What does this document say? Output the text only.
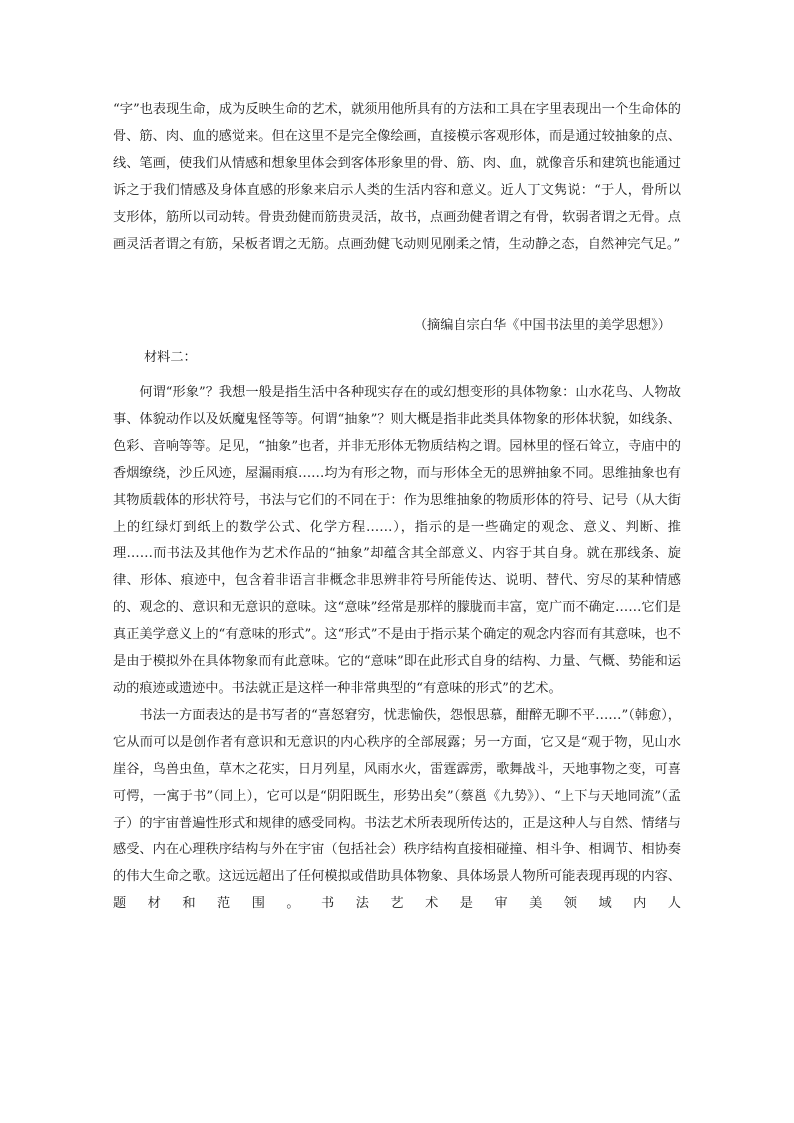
“字”也表现生命，成为反映生命的艺术，就须用他所具有的方法和工具在字里表现出一个生命体的骨、筋、肉、血的感觉来。但在这里不是完全像绘画，直接模示客观形体，而是通过较抽象的点、线、笔画，使我们从情感和想象里体会到客体形象里的骨、筋、肉、血，就像音乐和建筑也能通过诉之于我们情感及身体直感的形象来启示人类的生活内容和意义。近人丁文隽说：“于人，骨所以支形体，筋所以司动转。骨贵劲健而筋贵灵活，故书，点画劲健者谓之有骨，软弱者谓之无骨。点画灵活者谓之有筋，呆板者谓之无筋。点画劲健飞动则见刚柔之情，生动静之态，自然神完气足。”

（摘编自宗白华《中国书法里的美学思想》）
材料二：

何谓“形象”？我想一般是指生活中各种现实存在的或幻想变形的具体物象：山水花鸟、人物故事、体貌动作以及妖魔鬼怪等等。何谓“抽象”？则大概是指非此类具体物象的形体状貌，如线条、色彩、音响等等。足见，“抽象”也者，并非无形体无物质结构之谓。园林里的怪石耸立，寺庙中的香烟缭绕，沙丘风迹，屋漏雨痕……均为有形之物，而与形体全无的思辨抽象不同。思维抽象也有其物质载体的形状符号，书法与它们的不同在于：作为思维抽象的物质形体的符号、记号（从大街上的红绿灯到纸上的数学公式、化学方程……），指示的是一些确定的观念、意义、判断、推理……而书法及其他作为艺术作品的“抽象”却蕴含其全部意义、内容于其自身。就在那线条、旋律、形体、痕迹中，包含着非语言非概念非思辨非符号所能传达、说明、替代、穷尽的某种情感的、观念的、意识和无意识的意味。这“意味”经常是那样的朦胧而丰富，宽广而不确定……它们是真正美学意义上的“有意味的形式”。这“形式”不是由于指示某个确定的观念内容而有其意味，也不是由于模拟外在具体物象而有此意味。它的“意味”即在此形式自身的结构、力量、气概、势能和运动的痕迹或遗迹中。书法就正是这样一种非常典型的“有意味的形式”的艺术。

书法一方面表达的是书写者的“喜怒窘穷，忧悲愉佚，怨恨思慕，酣醉无聊不平……”（韩愈），它从而可以是创作者有意识和无意识的内心秩序的全部展露；另一方面，它又是“观于物，见山水崖谷，鸟兽虫鱼，草木之花实，日月列星，风雨水火，雷霆霹雳，歌舞战斗，天地事物之变，可喜可愕，一寓于书”（同上），它可以是“阴阳既生，形势出矣”（蔡邕《九势》）、“上下与天地同流”（孟子）的宇宙普遍性形式和规律的感受同构。书法艺术所表现所传达的，正是这种人与自然、情绪与感受、内在心理秩序结构与外在宇宙（包括社会）秩序结构直接相碰撞、相斗争、相调节、相协奏的伟大生命之歌。这远远超出了任何模拟或借助具体物象、具体场景人物所可能表现再现的内容、题材和范围。书法艺术是审美领域内人
